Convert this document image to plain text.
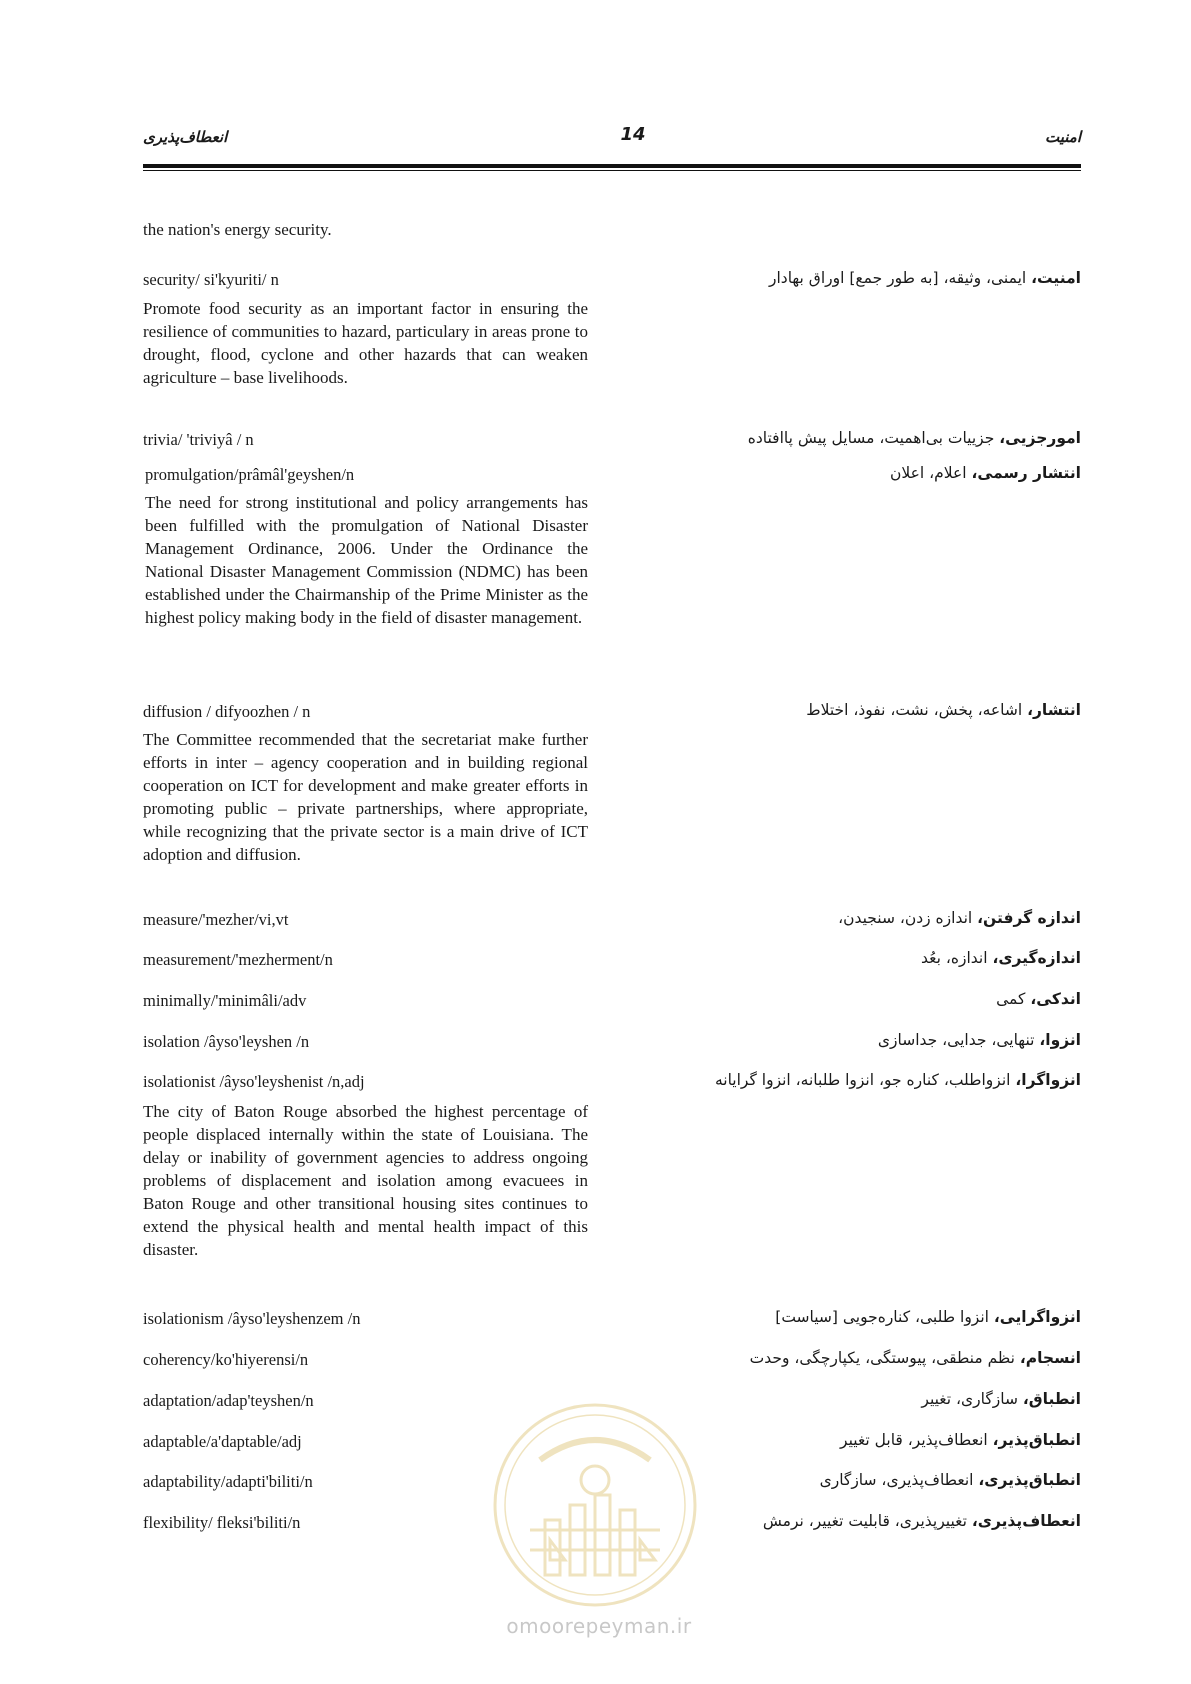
امنیت
14
انعطاف‌پذیری
the nation's energy security.
security/ si'kyuriti/ n	امنیت، ایمنی، وثیقه، [به طور جمع] اوراق بهادار
Promote food security as an important factor in ensuring the resilience of communities to hazard, particulary in areas prone to drought, flood, cyclone and other hazards that can weaken agriculture – base livelihoods.
trivia/ 'triviyâ / n	امورجزیی، جزییات بی‌اهمیت، مسایل پیش پاافتاده
promulgation/prâmâl'geyshen/n	انتشار رسمی، اعلام، اعلان
The need for strong institutional and policy arrangements has been fulfilled with the promulgation of National Disaster Management Ordinance, 2006. Under the Ordinance the National Disaster Management Commission (NDMC) has been established under the Chairmanship of the Prime Minister as the highest policy making body in the field of disaster management.
diffusion / difyoozhen / n	انتشار، اشاعه، پخش، نشت، نفوذ، اختلاط
The Committee recommended that the secretariat make further efforts in inter – agency cooperation and in building regional cooperation on ICT for development and make greater efforts in promoting public – private partnerships, where appropriate, while recognizing that the private sector is a main drive of ICT adoption and diffusion.
measure/'mezher/vi,vt	اندازه گرفتن، اندازه زدن، سنجیدن،
measurement/'mezherment/n	اندازه‌گیری، اندازه، بعُد
minimally/'minimâli/adv	اندکی، کمی
isolation /âyso'leyshen /n	انزوا، تنهایی، جدایی، جداسازی
isolationist /âyso'leyshenist /n,adj	انزواگرا، انزواطلب، کناره جو، انزوا طلبانه، انزوا گرایانه
The city of Baton Rouge absorbed the highest percentage of people displaced internally within the state of Louisiana. The delay or inability of government agencies to address ongoing problems of displacement and isolation among evacuees in Baton Rouge and other transitional housing sites continues to extend the physical health and mental health impact of this disaster.
isolationism /âyso'leyshenzem /n	انزواگرایی، انزوا طلبی، کناره‌جویی [سیاست]
coherency/ko'hiyerensi/n	انسجام، نظم منطقی، پیوستگی، یکپارچگی، وحدت
adaptation/adap'teyshen/n	انطباق، سازگاری، تغییر
adaptable/a'daptable/adj	انطباق‌پذیر، انعطاف‌پذیر، قابل تغییر
adaptability/adapti'biliti/n	انطباق‌پذیری، انعطاف‌پذیری، سازگاری
flexibility/ fleksi'biliti/n	انعطاف‌پذیری، تغییرپذیری، قابلیت تغییر، نرمش
omoorepeyman.ir
